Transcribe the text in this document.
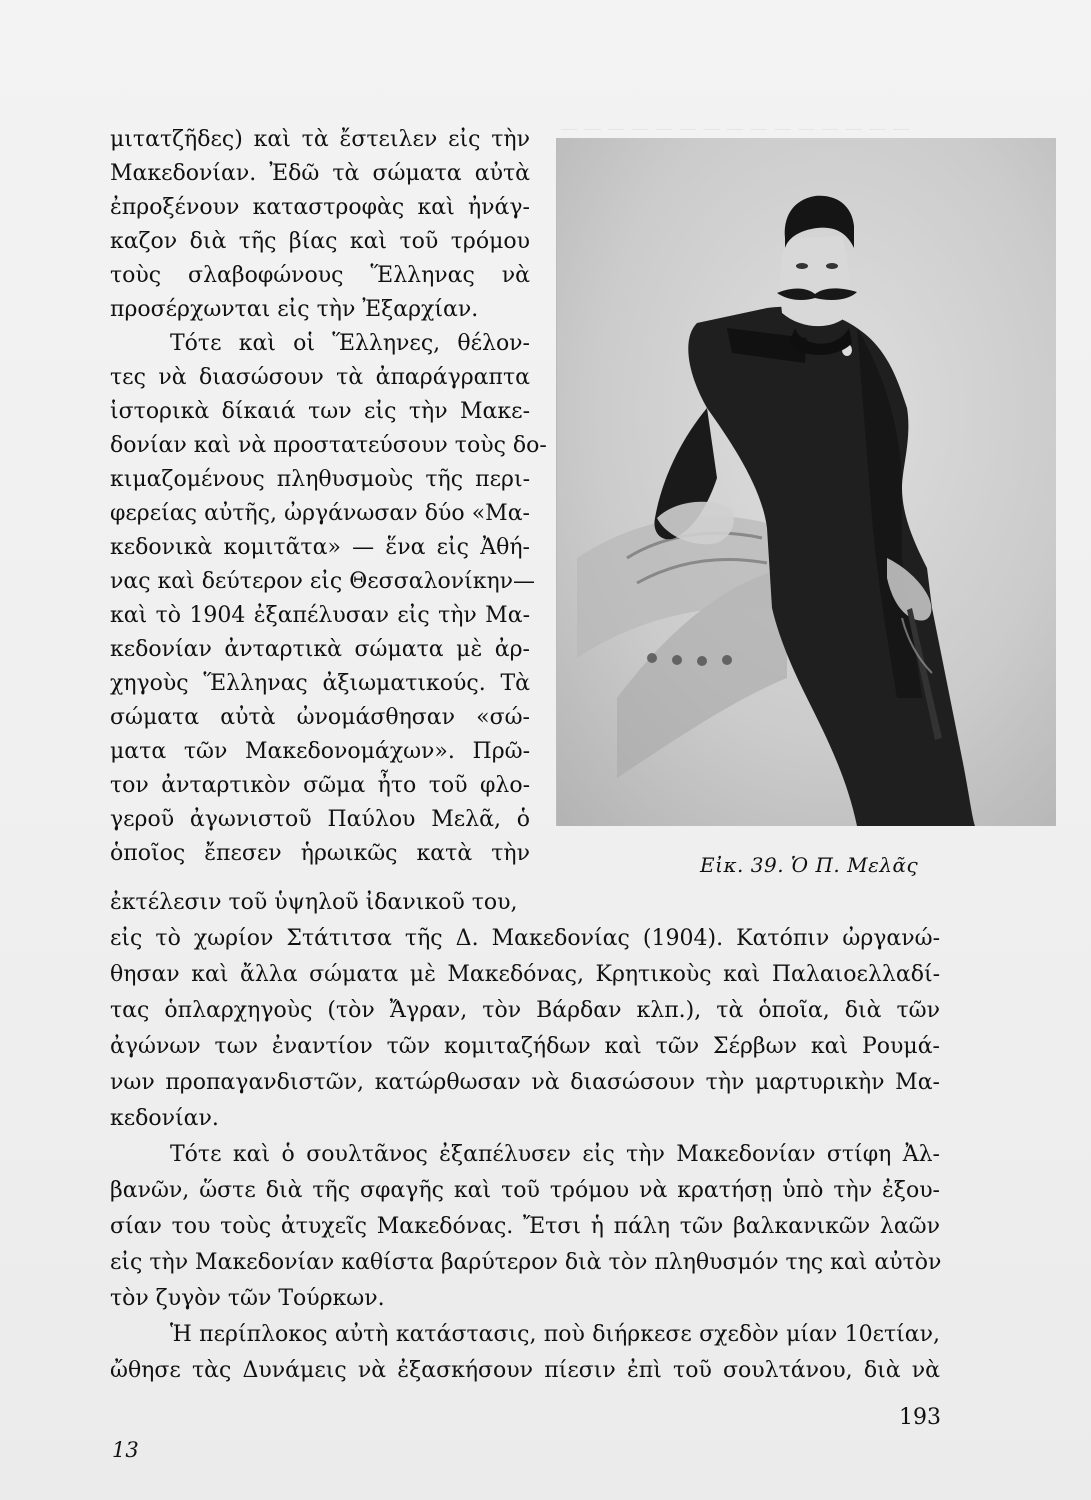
— — — — — — — — — — — — — — —
μιτατζῆδες) καὶ τὰ ἔστειλεν εἰς τὴν
Μακεδονίαν. Ἐδῶ τὰ σώματα αὐτὰ
ἐπροξένουν καταστροφὰς καὶ ἠνάγ-
καζον διὰ τῆς βίας καὶ τοῦ τρόμου
τοὺς σλαβοφώνους Ἕλληνας νὰ
προσέρχωνται εἰς τὴν Ἐξαρχίαν.
Τότε καὶ οἱ Ἕλληνες, θέλον-
τες νὰ διασώσουν τὰ ἀπαράγραπτα
ἱστορικὰ δίκαιά των εἰς τὴν Μακε-
δονίαν καὶ νὰ προστατεύσουν τοὺς δο-
κιμαζομένους πληθυσμοὺς τῆς περι-
φερείας αὐτῆς, ὠργάνωσαν δύο «Μα-
κεδονικὰ κομιτᾶτα» — ἕνα εἰς Ἀθή-
νας καὶ δεύτερον εἰς Θεσσαλονίκην—
καὶ τὸ 1904 ἐξαπέλυσαν εἰς τὴν Μα-
κεδονίαν ἀνταρτικὰ σώματα μὲ ἀρ-
χηγοὺς Ἕλληνας ἀξιωματικούς. Τὰ
σώματα αὐτὰ ὠνομάσθησαν «σώ-
ματα τῶν Μακεδονομάχων». Πρῶ-
τον ἀνταρτικὸν σῶμα ἦτο τοῦ φλο-
γεροῦ ἀγωνιστοῦ Παύλου Μελᾶ, ὁ
ὁποῖος ἔπεσεν ἡρωικῶς κατὰ τὴν	Εἰκ. 39. Ὁ Π. Μελᾶς
ἐκτέλεσιν τοῦ ὑψηλοῦ ἰδανικοῦ του,
εἰς τὸ χωρίον Στάτιτσα τῆς Δ. Μακεδονίας (1904). Κατόπιν ὠργανώ-
θησαν καὶ ἄλλα σώματα μὲ Μακεδόνας, Κρητικοὺς καὶ Παλαιοελλαδί-
τας ὁπλαρχηγοὺς (τὸν Ἄγραν, τὸν Βάρδαν κλπ.), τὰ ὁποῖα, διὰ τῶν
ἀγώνων των ἐναντίον τῶν κομιταζήδων καὶ τῶν Σέρβων καὶ Ρουμά-
νων προπαγανδιστῶν, κατώρθωσαν νὰ διασώσουν τὴν μαρτυρικὴν Μα-
κεδονίαν.
Τότε καὶ ὁ σουλτᾶνος ἐξαπέλυσεν εἰς τὴν Μακεδονίαν στίφη Ἀλ-
βανῶν, ὥστε διὰ τῆς σφαγῆς καὶ τοῦ τρόμου νὰ κρατήσῃ ὑπὸ τὴν ἐξου-
σίαν του τοὺς ἀτυχεῖς Μακεδόνας. Ἔτσι ἡ πάλη τῶν βαλκανικῶν λαῶν
εἰς τὴν Μακεδονίαν καθίστα βαρύτερον διὰ τὸν πληθυσμόν της καὶ αὐτὸν
τὸν ζυγὸν τῶν Τούρκων.
Ἡ περίπλοκος αὐτὴ κατάστασις, ποὺ διήρκεσε σχεδὸν μίαν 10ετίαν,
ὤθησε τὰς Δυνάμεις νὰ ἐξασκήσουν πίεσιν ἐπὶ τοῦ σουλτάνου, διὰ νὰ
193
13
